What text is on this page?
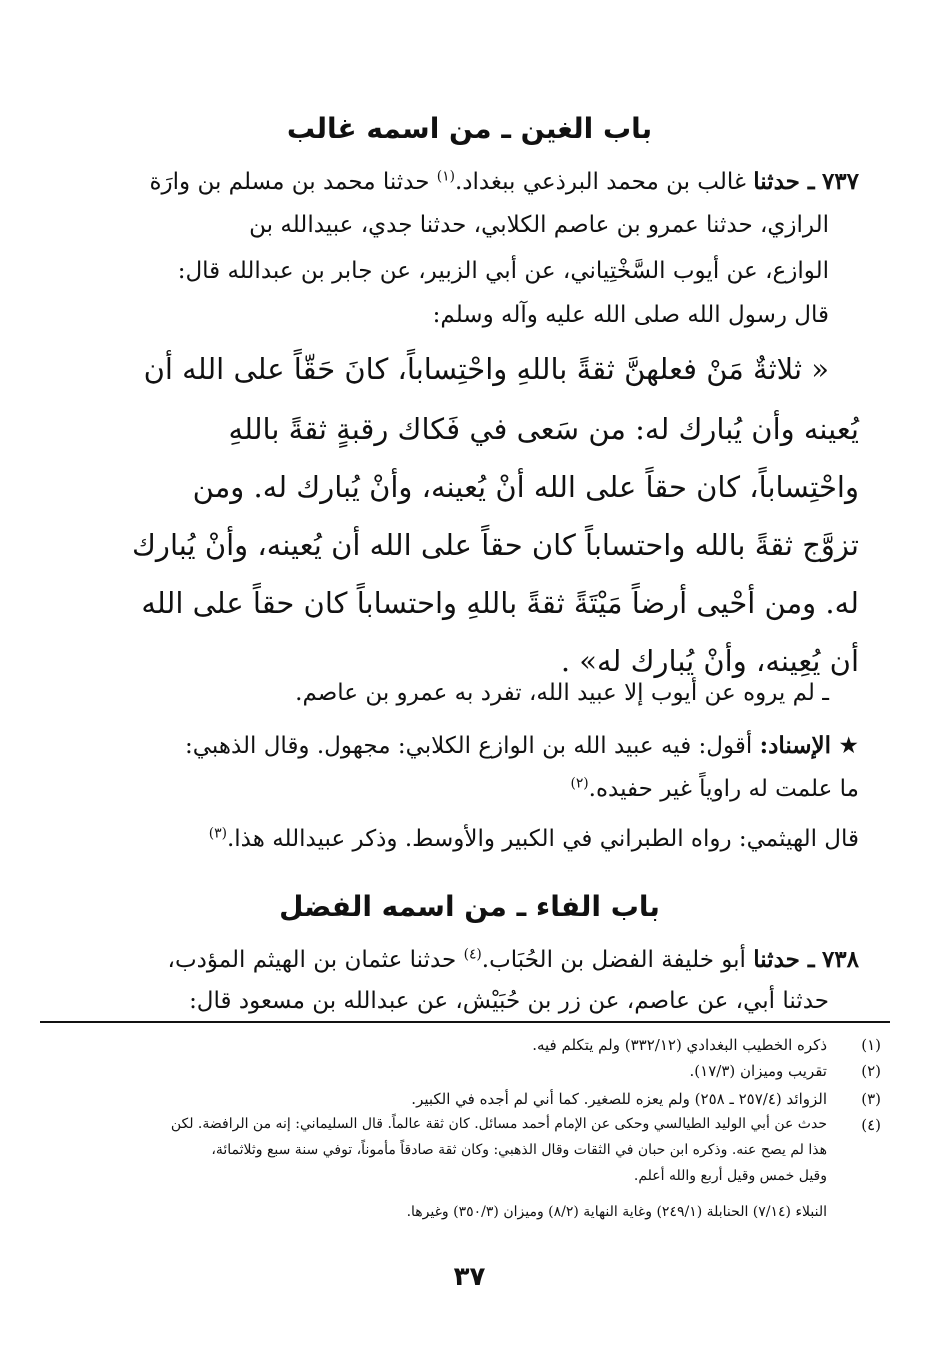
باب الغين ـ من اسمه غالب
٧٣٧ ـ حدثنا غالب بن محمد البرذعي ببغداد.$^{(١)}$ حدثنا محمد بن مسلم بن وارَة
الرازي، حدثنا عمرو بن عاصم الكلابي، حدثنا جدي، عبيدالله بن
الوازع، عن أيوب السَّخْتِياني، عن أبي الزبير، عن جابر بن عبدالله قال:
قال رسول الله صلى الله عليه وآله وسلم:
« ثلاثةٌ مَنْ فعلهنَّ ثقةً باللهِ واحْتِساباً، كانَ حَقّاً على الله أن
يُعينه وأن يُبارك له: من سَعى في فَكاك رقبةٍ ثقةً باللهِ
واحْتِساباً، كان حقاً على الله أنْ يُعينه، وأنْ يُبارك له. ومن
تزوَّج ثقةً بالله واحتساباً كان حقاً على الله أن يُعينه، وأنْ يُبارك
له. ومن أحْيى أرضاً مَيْتَةً ثقةً باللهِ واحتساباً كان حقاً على الله
أن يُعِينه، وأنْ يُبارك له» .
ـ لم يروه عن أيوب إلا عبيد الله، تفرد به عمرو بن عاصم.
★ الإسناد: أقول: فيه عبيد الله بن الوازع الكلابي: مجهول. وقال الذهبي:
ما علمت له راوياً غير حفيده.$^{(٢)}$
قال الهيثمي: رواه الطبراني في الكبير والأوسط. وذكر عبيدالله هذا.$^{(٣)}$
باب الفاء ـ من اسمه الفضل
٧٣٨ ـ حدثنا أبو خليفة الفضل بن الحُبَاب.$^{(٤)}$ حدثنا عثمان بن الهيثم المؤدب،
حدثنا أبي، عن عاصم، عن زر بن حُبَيْش، عن عبدالله بن مسعود قال:
(١)
ذكره الخطيب البغدادي (٣٣٢/١٢) ولم يتكلم فيه.
(٢)
تقريب وميزان (١٧/٣).
(٣)
الزوائد (٢٥٧/٤ ـ ٢٥٨) ولم يعزه للصغير. كما أني لم أجده في الكبير.
(٤)
حدث عن أبي الوليد الطيالسي وحكى عن الإمام أحمد مسائل. كان ثقة عالماً. قال السليماني: إنه من الرافضة. لكن
هذا لم يصح عنه. وذكره ابن حبان في الثقات وقال الذهبي: وكان ثقة صادقاً مأموناً، توفي سنة سبع وثلاثمائة،
وقيل خمس وقيل أربع والله أعلم.
النبلاء (٧/١٤) الحنابلة (٢٤٩/١) وغاية النهاية (٨/٢) وميزان (٣٥٠/٣) وغيرها.
٣٧
